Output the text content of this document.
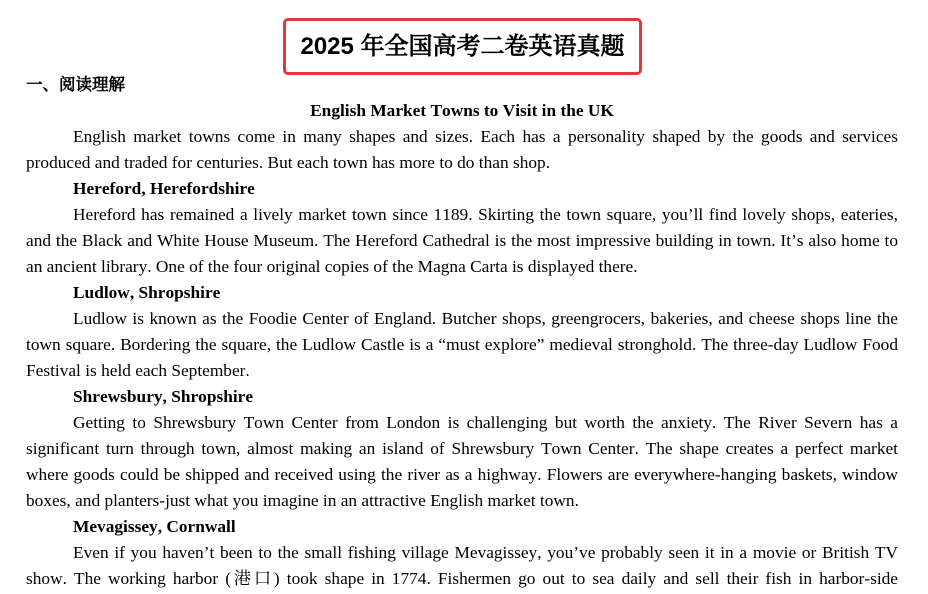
2025 年全国高考二卷英语真题
一、阅读理解
English Market Towns to Visit in the UK
English market towns come in many shapes and sizes. Each has a personality shaped by the goods and services
produced and traded for centuries. But each town has more to do than shop.
Hereford, Herefordshire
Hereford has remained a lively market town since 1189. Skirting the town square, you’ll find lovely shops, eateries,
and the Black and White House Museum. The Hereford Cathedral is the most impressive building in town. It’s also home to
an ancient library. One of the four original copies of the Magna Carta is displayed there.
Ludlow, Shropshire
Ludlow is known as the Foodie Center of England. Butcher shops, greengrocers, bakeries, and cheese shops line the
town square. Bordering the square, the Ludlow Castle is a “must explore” medieval stronghold. The three-day Ludlow Food
Festival is held each September.
Shrewsbury, Shropshire
Getting to Shrewsbury Town Center from London is challenging but worth the anxiety. The River Severn has a
significant turn through town, almost making an island of Shrewsbury Town Center. The shape creates a perfect market
where goods could be shipped and received using the river as a highway. Flowers are everywhere-hanging baskets, window
boxes, and planters-just what you imagine in an attractive English market town.
Mevagissey, Cornwall
Even if you haven’t been to the small fishing village Mevagissey, you’ve probably seen it in a movie or British TV
show. The working harbor (港口) took shape in 1774. Fishermen go out to sea daily and sell their fish in harbor-side
